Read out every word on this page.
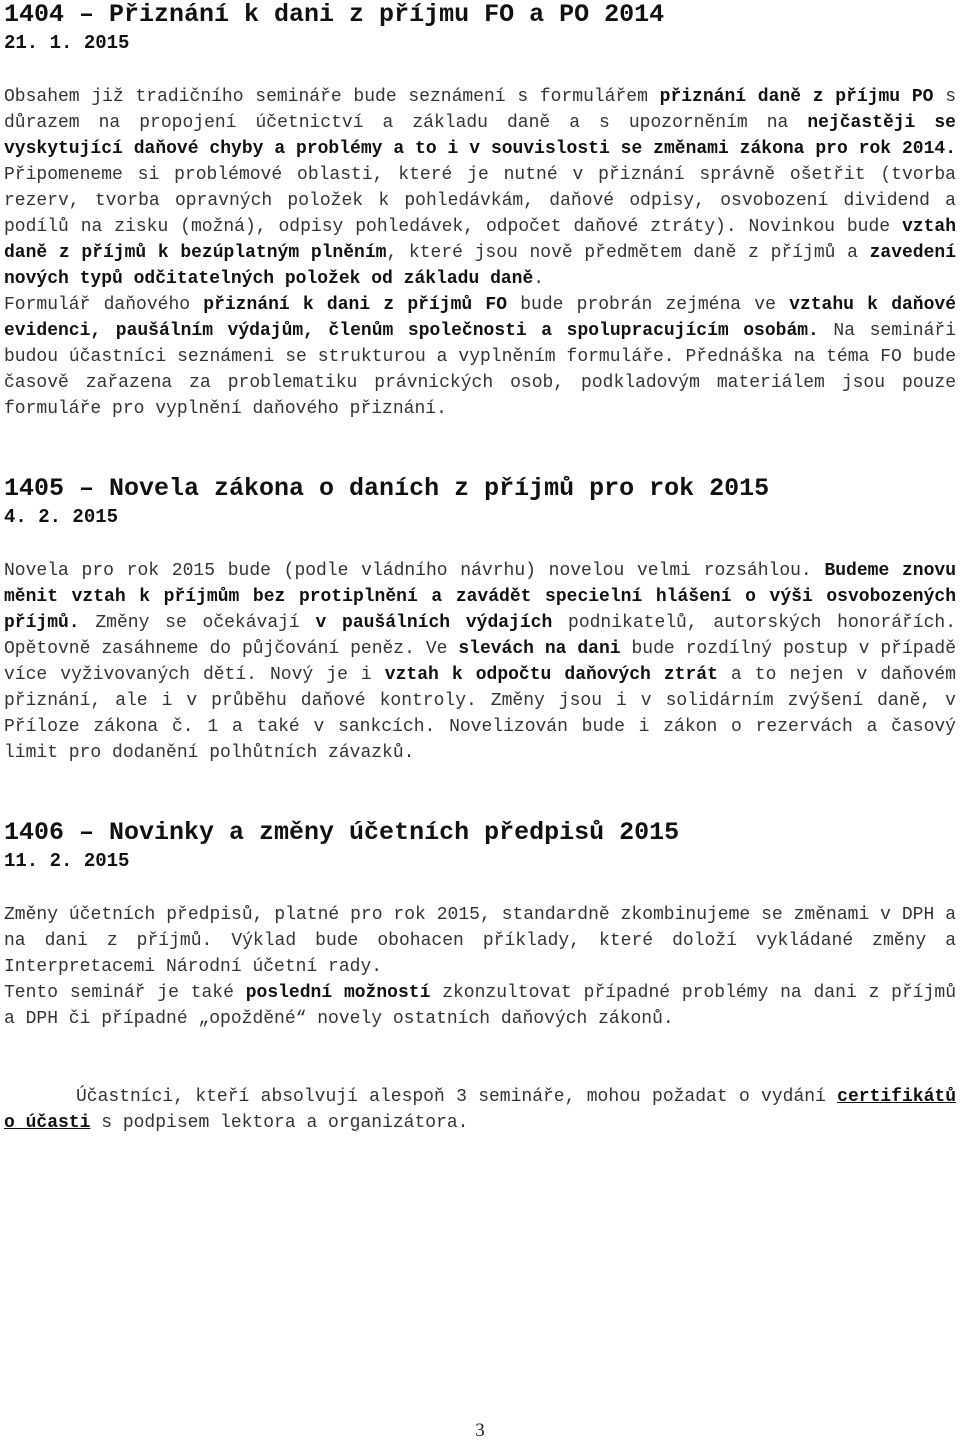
1404 – Přiznání k dani z příjmu FO a PO 2014
21. 1. 2015

Obsahem již tradičního semináře bude seznámení s formulářem přiznání daně z příjmu PO s důrazem na propojení účetnictví a základu daně a s upozorněním na nejčastěji se vyskytující daňové chyby a problémy a to i v souvislosti se změnami zákona pro rok 2014. Připomeneme si problémové oblasti, které je nutné v přiznání správně ošetřit (tvorba rezerv, tvorba opravných položek k pohledávkám, daňové odpisy, osvobození dividend a podílů na zisku (možná), odpisy pohledávek, odpočet daňové ztráty). Novinkou bude vztah daně z příjmů k bezúplatným plněním, které jsou nově předmětem daně z příjmů a zavedení nových typů odčitatelných položek od základu daně.

Formulář daňového přiznání k dani z příjmů FO bude probrán zejména ve vztahu k daňové evidenci, paušálním výdajům, členům společnosti a spolupracujícím osobám. Na semináři budou účastníci seznámeni se strukturou a vyplněním formuláře. Přednáška na téma FO bude časově zařazena za problematiku právnických osob, podkladovým materiálem jsou pouze formuláře pro vyplnění daňového přiznání.

1405 – Novela zákona o daních z příjmů pro rok 2015
4. 2. 2015

Novela pro rok 2015 bude (podle vládního návrhu) novelou velmi rozsáhlou. Budeme znovu měnit vztah k příjmům bez protiplnění a zavádět specielní hlášení o výši osvobozených příjmů. Změny se očekávají v paušálních výdajích podnikatelů, autorských honorářích. Opětovně zasáhneme do půjčování peněz. Ve slevách na dani bude rozdílný postup v případě více vyživovaných dětí. Nový je i vztah k odpočtu daňových ztrát a to nejen v daňovém přiznání, ale i v průběhu daňové kontroly. Změny jsou i v solidárním zvýšení daně, v Příloze zákona č. 1 a také v sankcích. Novelizován bude i zákon o rezervách a časový limit pro dodanění polhůtních závazků.

1406 – Novinky a změny účetních předpisů 2015
11. 2. 2015

Změny účetních předpisů, platné pro rok 2015, standardně zkombinujeme se změnami v DPH a na dani z příjmů. Výklad bude obohacen příklady, které doloží vykládané změny a Interpretacemi Národní účetní rady.

Tento seminář je také poslední možností zkonzultovat případné problémy na dani z příjmů a DPH či případné „opožděné“ novely ostatních daňových zákonů.

Účastníci, kteří absolvují alespoň 3 semináře, mohou požadat o vydání certifikátů o účasti s podpisem lektora a organizátora.

3
